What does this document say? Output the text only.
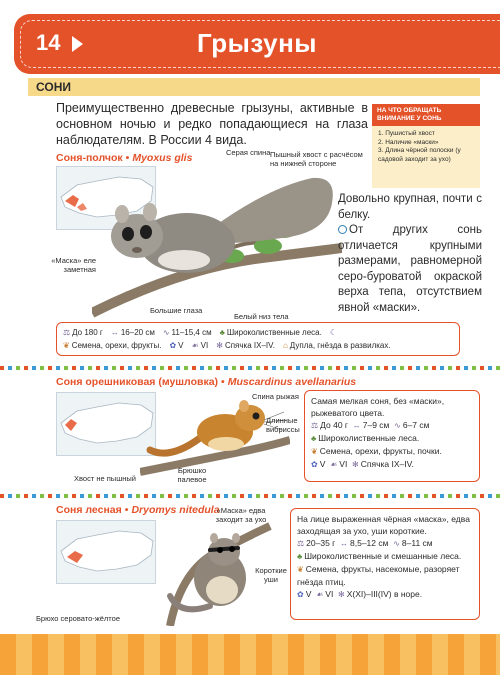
14	Грызуны
СОНИ

Преимущественно древесные грызуны, активные в основном ночью и редко попадающиеся на глаза наблюдателям. В России 4 вида.

НА ЧТО ОБРАЩАТЬ ВНИМАНИЕ У СОНЬ
1. Пушистый хвост
2. Наличие «маски»
3. Длина чёрной полоски (у садовой заходит за ухо)
Соня-полчок • Myoxus glis	Серая спина Пышный хвост с расчёсом на нижней стороне
«Маска» еле заметная
Большие глаза
Белый низ тела
Довольно крупная, почти с белку.
От других сонь отличается крупными размерами, равномерной серо-буроватой окраской верха тепа, отсутствием явной «маски».
⚖ До 180 г ↔ 16–20 см ∿ 11–15,4 см ♣ Широколиственные леса. ☾
❦ Семена, орехи, фрукты. ✿ V ☙ VI ✻ Спячка IX–IV. ⌂ Дупла, гнёзда в развилках.
Соня орешниковая (мушловка) • Muscardinus avellanarius
Спина рыжая
Длинные вибриссы
Хвост не пышный
Брюшко палевое
Самая мелкая соня, без «маски», рыжеватого цвета.
⚖ До 40 г ↔ 7–9 см ∿ 6–7 см
♣ Широколиственные леса.
❦ Семена, орехи, фрукты, почки.
✿ V ☙ VI ✻ Спячка IX–IV.
Соня лесная • Dryomys nitedula
«Маска» едва заходит за ухо
Короткие уши
Брюхо серовато-жёлтое
На лице выраженная чёрная «маска», едва заходящая за ухо, уши короткие.
⚖ 20–35 г ↔ 8,5–12 см ∿ 8–11 см
♣ Широколиственные и смешанные леса.
❦ Семена, фрукты, насекомые, разоряет гнёзда птиц.
✿ V ☙ VI ✻ X(XI)–III(IV) в норе.
